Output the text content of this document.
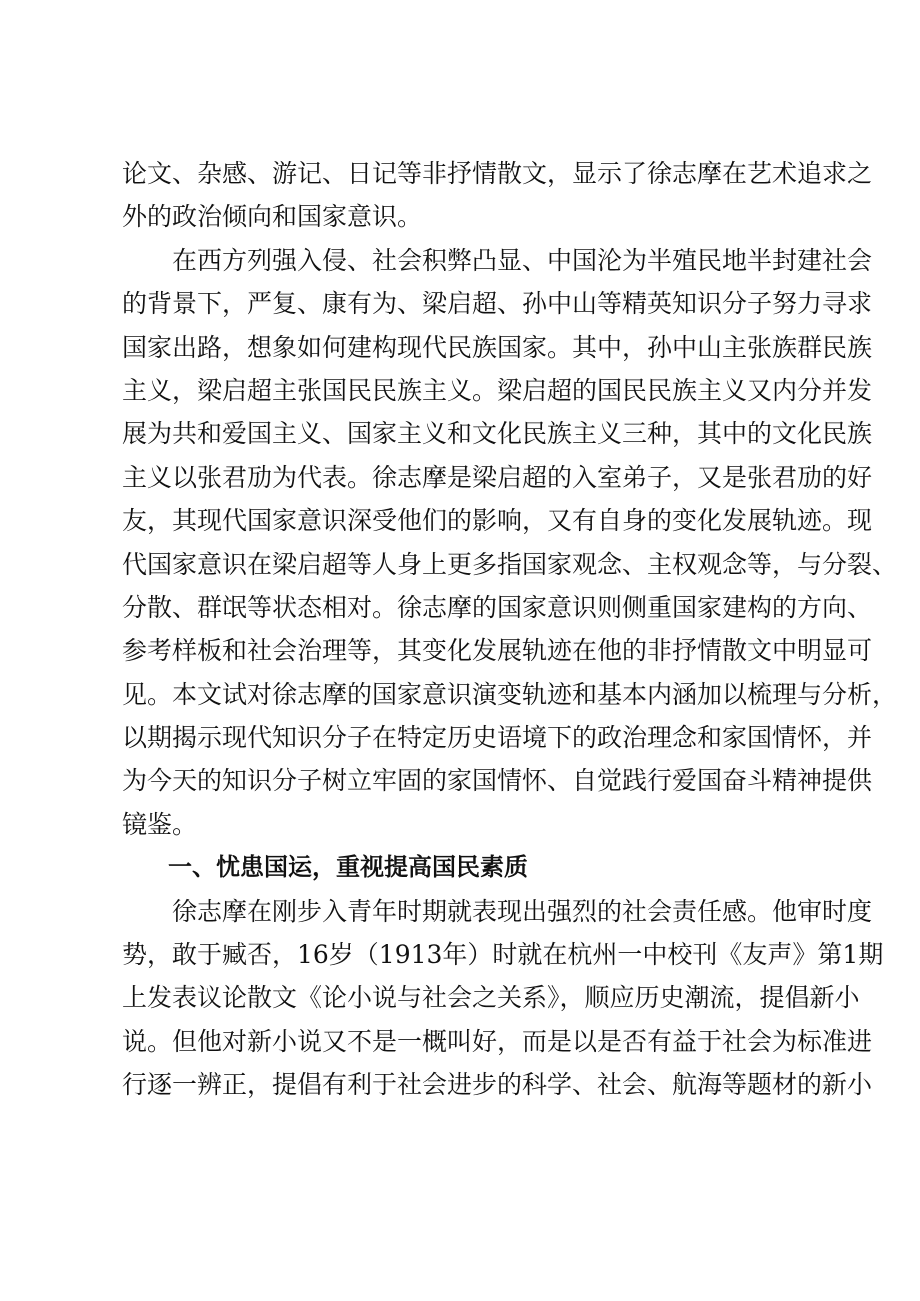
论文、杂感、游记、日记等非抒情散文，显示了徐志摩在艺术追求之
外的政治倾向和国家意识。
在西方列强入侵、社会积弊凸显、中国沦为半殖民地半封建社会
的背景下，严复、康有为、梁启超、孙中山等精英知识分子努力寻求
国家出路，想象如何建构现代民族国家。其中，孙中山主张族群民族
主义，梁启超主张国民民族主义。梁启超的国民民族主义又内分并发
展为共和爱国主义、国家主义和文化民族主义三种，其中的文化民族
主义以张君劢为代表。徐志摩是梁启超的入室弟子，又是张君劢的好
友，其现代国家意识深受他们的影响，又有自身的变化发展轨迹。现
代国家意识在梁启超等人身上更多指国家观念、主权观念等，与分裂、
分散、群氓等状态相对。徐志摩的国家意识则侧重国家建构的方向、
参考样板和社会治理等，其变化发展轨迹在他的非抒情散文中明显可
见。本文试对徐志摩的国家意识演变轨迹和基本内涵加以梳理与分析，
以期揭示现代知识分子在特定历史语境下的政治理念和家国情怀，并
为今天的知识分子树立牢固的家国情怀、自觉践行爱国奋斗精神提供
镜鉴。
一、忧患国运，重视提高国民素质
徐志摩在刚步入青年时期就表现出强烈的社会责任感。他审时度
势，敢于臧否，16岁（1913年）时就在杭州一中校刊《友声》第1期
上发表议论散文《论小说与社会之关系》，顺应历史潮流，提倡新小
说。但他对新小说又不是一概叫好，而是以是否有益于社会为标准进
行逐一辨正，提倡有利于社会进步的科学、社会、航海等题材的新小
